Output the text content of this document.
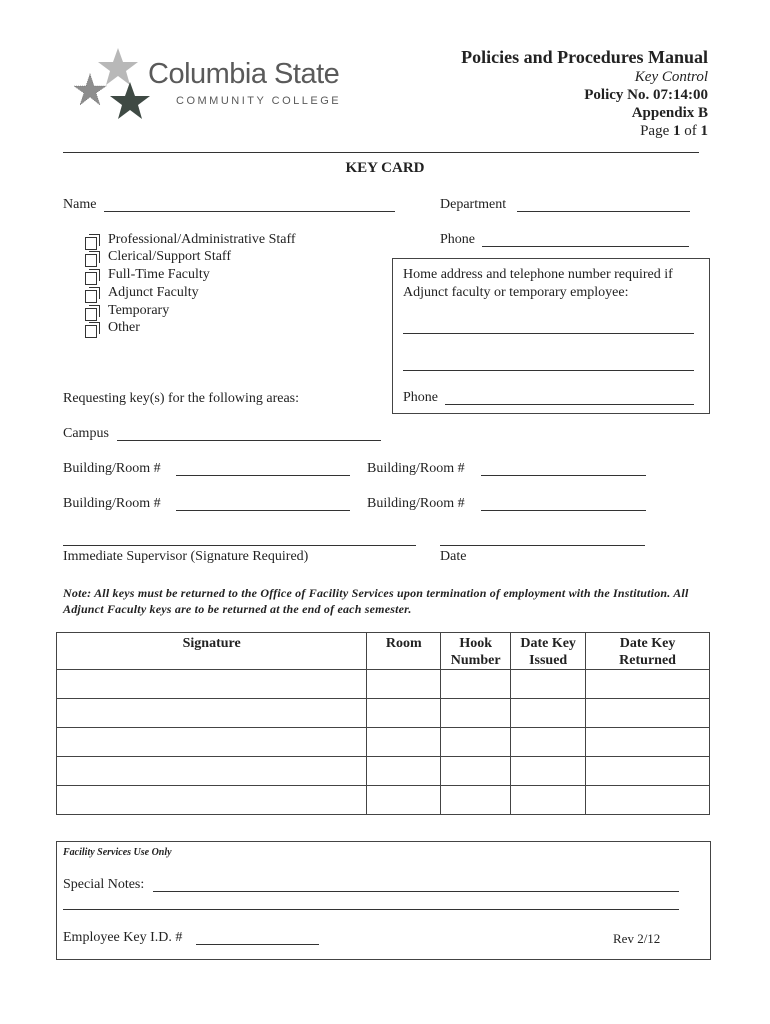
Columbia State
COMMUNITY COLLEGE
Policies and Procedures Manual
Key Control
Policy No. 07:14:00
Appendix B
Page 1 of 1
KEY CARD
Name	Department
Phone
Professional/Administrative Staff
Clerical/Support Staff
Full-Time Faculty
Adjunct Faculty
Temporary
Other
Home address and telephone number required if Adjunct faculty or temporary employee:
Phone
Requesting key(s) for the following areas:
Campus
Building/Room #	Building/Room #
Building/Room #	Building/Room #
Immediate Supervisor (Signature Required)	Date
Note: All keys must be returned to the Office of Facility Services upon termination of employment with the Institution. All Adjunct Faculty keys are to be returned at the end of each semester.
Signature	Room	Hook Number	Date Key Issued	Date Key Returned

Facility Services Use Only
Special Notes:
Employee Key I.D. #	Rev 2/12
